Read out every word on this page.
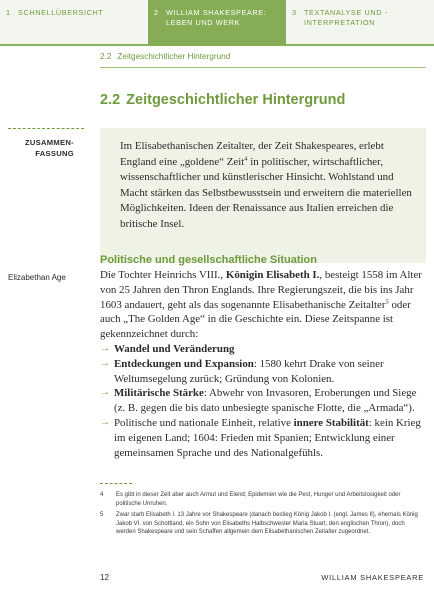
1 SCHNELLÜBERSICHT	2 WILLIAM SHAKESPEARE: LEBEN UND WERK
3 TEXTANALYSE UND -INTERPRETATION
2.2 Zeitgeschichtlicher Hintergrund
2.2 Zeitgeschichtlicher Hintergrund
ZUSAMMEN-FASSUNG
Im Elisabethanischen Zeitalter, der Zeit Shakespeares, erlebt England eine „goldene“ Zeit$^4$ in politischer, wirtschaftlicher, wissenschaftlicher und künstlerischer Hinsicht. Wohlstand und Macht stärken das Selbstbewusstsein und erweitern die materiellen Möglichkeiten. Ideen der Renaissance aus Italien erreichen die britische Insel.
Politische und gesellschaftliche Situation
Elizabethan Age	Die Tochter Heinrichs VIII., Königin Elisabeth I., besteigt 1558 im Alter von 25 Jahren den Thron Englands. Ihre Regierungszeit, die bis ins Jahr 1603 andauert, geht als das sogenannte Elisabethanische Zeitalter$^5$ oder auch „The Golden Age“ in die Geschichte ein. Diese Zeitspanne ist gekennzeichnet durch:

→ Wandel und Veränderung
→ Entdeckungen und Expansion: 1580 kehrt Drake von seiner Weltumsegelung zurück; Gründung von Kolonien.
→ Militärische Stärke: Abwehr von Invasoren, Eroberungen und Siege (z. B. gegen die bis dato unbesiegte spanische Flotte, die „Armada“).
→ Politische und nationale Einheit, relative innere Stabilität: kein Krieg im eigenen Land; 1604: Frieden mit Spanien; Entwicklung einer gemeinsamen Sprache und des Nationalgefühls.
4 Es gibt in dieser Zeit aber auch Armut und Elend; Epidemien wie die Pest, Hunger und Arbeitslosigkeit oder politische Unruhen.
5 Zwar starb Elisabeth I. 13 Jahre vor Shakespeare (danach bestieg König Jakob I. (engl. James II), ehemals König Jakob VI. von Schottland, ein Sohn von Elisabeths Halbschwester Maria Stuart, den englischen Thron), doch werden Shakespeare und sein Schaffen allgemein dem Elisabethanischen Zeitalter zugeordnet.
12	WILLIAM SHAKESPEARE
